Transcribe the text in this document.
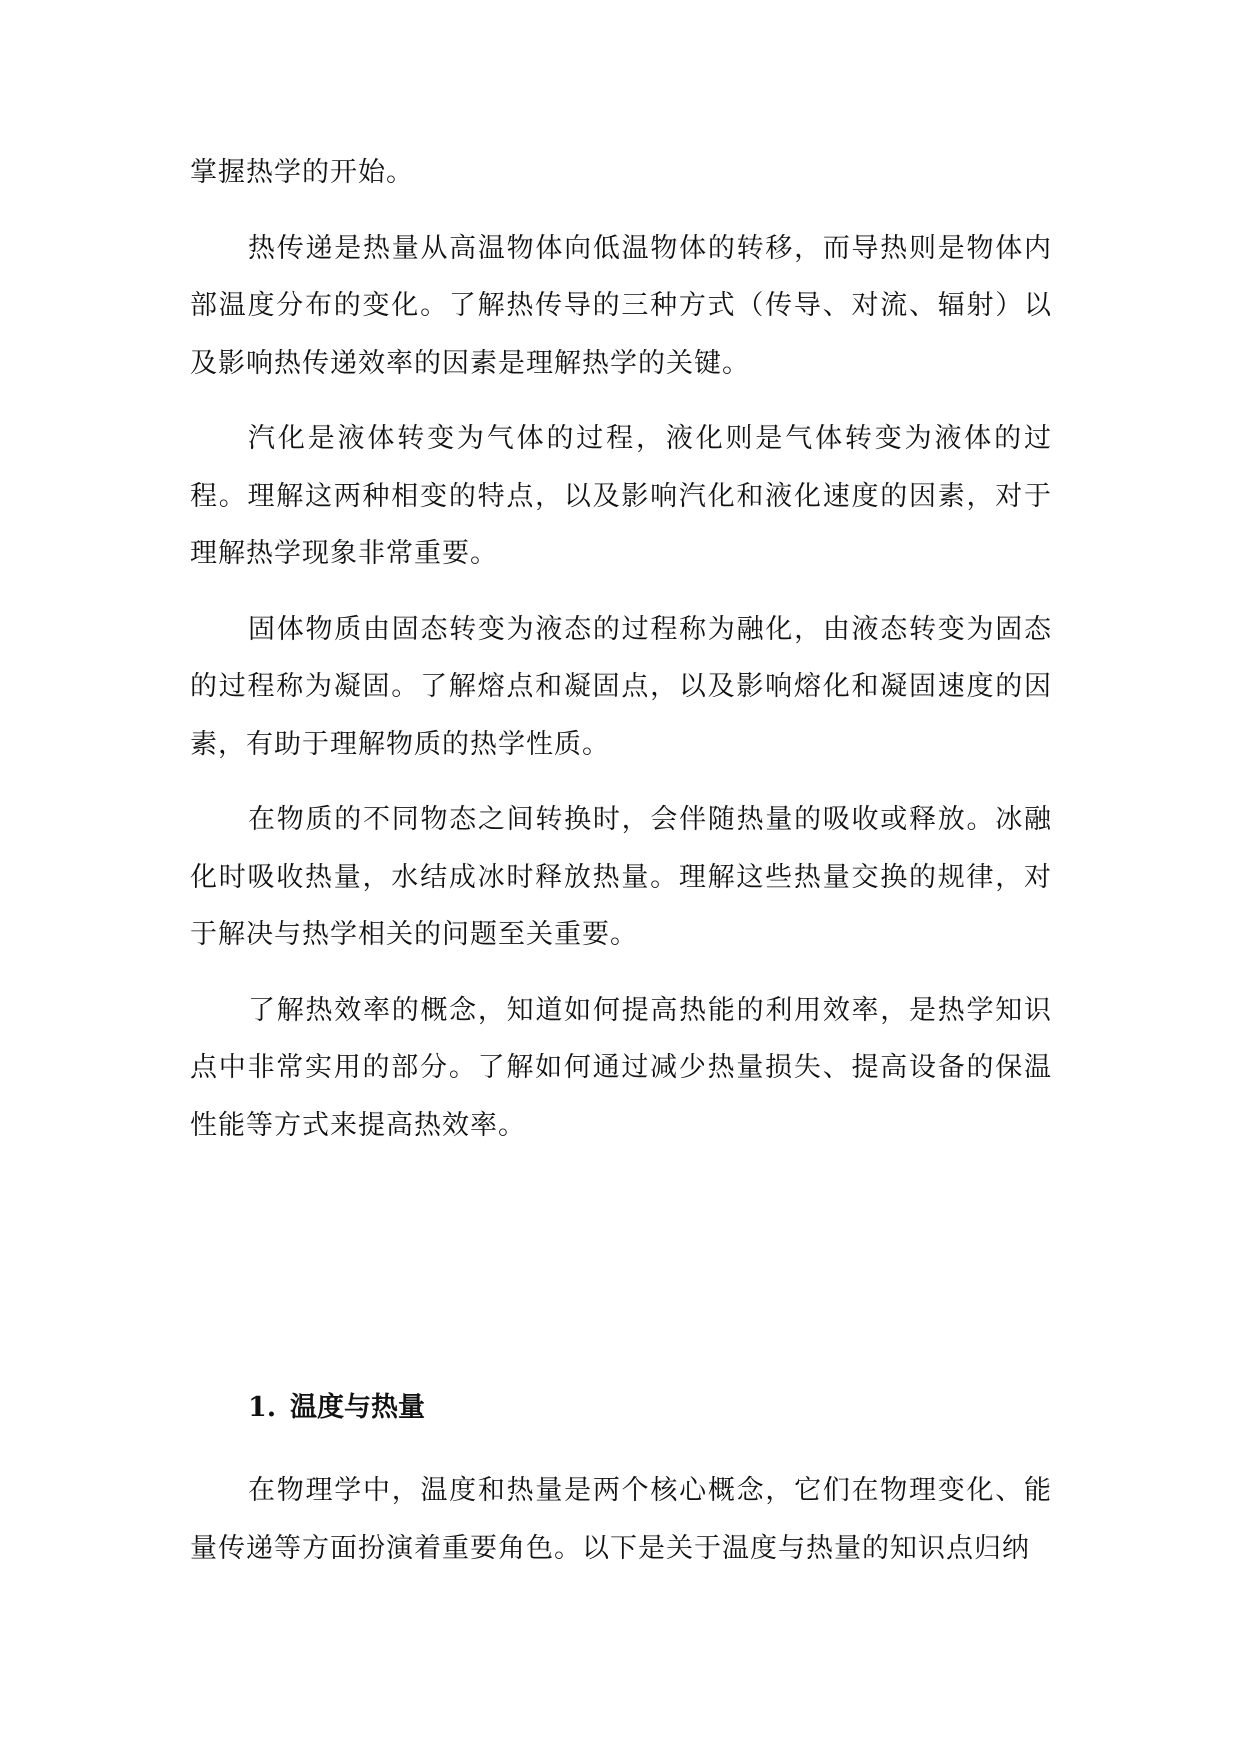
掌握热学的开始。

热传递是热量从高温物体向低温物体的转移，而导热则是物体内部温度分布的变化。了解热传导的三种方式（传导、对流、辐射）以及影响热传递效率的因素是理解热学的关键。

汽化是液体转变为气体的过程，液化则是气体转变为液体的过程。理解这两种相变的特点，以及影响汽化和液化速度的因素，对于理解热学现象非常重要。

固体物质由固态转变为液态的过程称为融化，由液态转变为固态的过程称为凝固。了解熔点和凝固点，以及影响熔化和凝固速度的因素，有助于理解物质的热学性质。

在物质的不同物态之间转换时，会伴随热量的吸收或释放。冰融化时吸收热量，水结成冰时释放热量。理解这些热量交换的规律，对于解决与热学相关的问题至关重要。

了解热效率的概念，知道如何提高热能的利用效率，是热学知识点中非常实用的部分。了解如何通过减少热量损失、提高设备的保温性能等方式来提高热效率。

1. 温度与热量

在物理学中，温度和热量是两个核心概念，它们在物理变化、能量传递等方面扮演着重要角色。以下是关于温度与热量的知识点归纳
